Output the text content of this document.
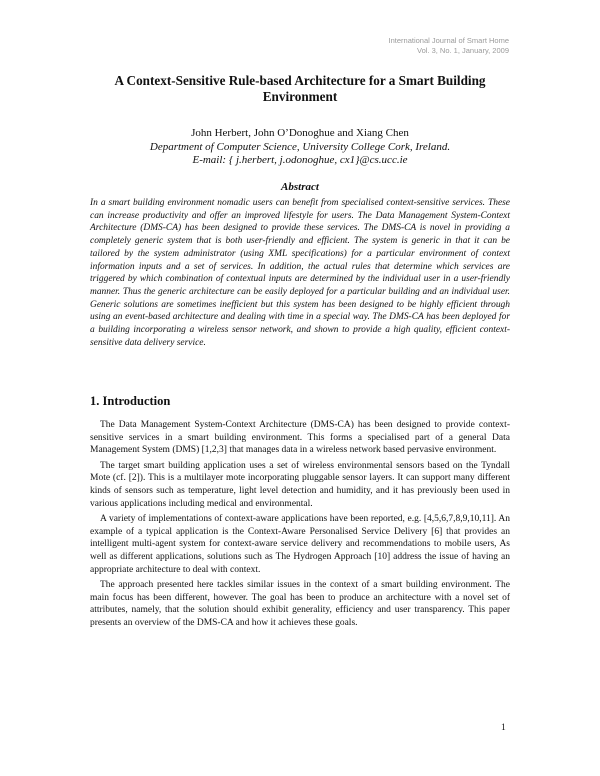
International Journal of Smart Home
Vol. 3, No. 1, January, 2009
A Context-Sensitive Rule-based Architecture for a Smart Building Environment
John Herbert, John O’Donoghue and Xiang Chen
Department of Computer Science, University College Cork, Ireland.
E-mail: { j.herbert, j.odonoghue, cx1}@cs.ucc.ie
Abstract

In a smart building environment nomadic users can benefit from specialised context-sensitive services. These can increase productivity and offer an improved lifestyle for users. The Data Management System-Context Architecture (DMS-CA) has been designed to provide these services. The DMS-CA is novel in providing a completely generic system that is both user-friendly and efficient. The system is generic in that it can be tailored by the system administrator (using XML specifications) for a particular environment of context information inputs and a set of services. In addition, the actual rules that determine which services are triggered by which combination of contextual inputs are determined by the individual user in a user-friendly manner. Thus the generic architecture can be easily deployed for a particular building and an individual user. Generic solutions are sometimes inefficient but this system has been designed to be highly efficient through using an event-based architecture and dealing with time in a special way. The DMS-CA has been deployed for a building incorporating a wireless sensor network, and shown to provide a high quality, efficient context-sensitive data delivery service.

1. Introduction

The Data Management System-Context Architecture (DMS-CA) has been designed to provide context-sensitive services in a smart building environment. This forms a specialised part of a general Data Management System (DMS) [1,2,3] that manages data in a wireless network based pervasive environment.

The target smart building application uses a set of wireless environmental sensors based on the Tyndall Mote (cf. [2]). This is a multilayer mote incorporating pluggable sensor layers. It can support many different kinds of sensors such as temperature, light level detection and humidity, and it has previously been used in various applications including medical and environmental.

A variety of implementations of context-aware applications have been reported, e.g. [4,5,6,7,8,9,10,11]. An example of a typical application is the Context-Aware Personalised Service Delivery [6] that provides an intelligent multi-agent system for context-aware service delivery and recommendations to mobile users, As well as different applications, solutions such as The Hydrogen Approach [10] address the issue of having an appropriate architecture to deal with context.

The approach presented here tackles similar issues in the context of a smart building environment. The main focus has been different, however. The goal has been to produce an architecture with a novel set of attributes, namely, that the solution should exhibit generality, efficiency and user transparency. This paper presents an overview of the DMS-CA and how it achieves these goals.

1
